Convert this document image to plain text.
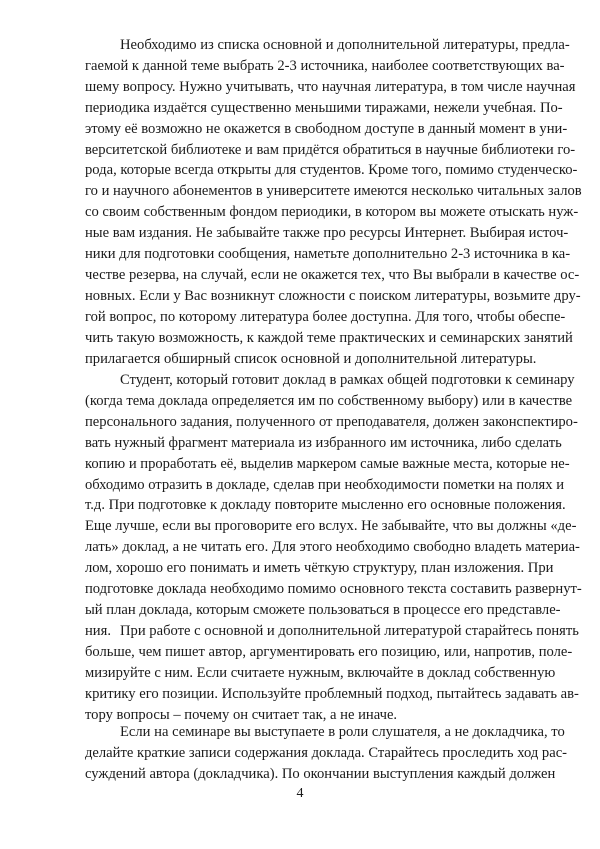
Необходимо из списка основной и дополнительной литературы, предла-
гаемой к данной теме выбрать 2-3 источника, наиболее соответствующих ва-
шему вопросу. Нужно учитывать, что научная литература, в том числе научная
периодика издаётся существенно меньшими тиражами, нежели учебная. По-
этому её возможно не окажется в свободном доступе в данный момент в уни-
верситетской библиотеке и вам придётся обратиться в научные библиотеки го-
рода, которые всегда открыты для студентов. Кроме того, помимо студенческо-
го и научного абонементов в университете имеются несколько читальных залов
со своим собственным фондом периодики, в котором вы можете отыскать нуж-
ные вам издания. Не забывайте также про ресурсы Интернет. Выбирая источ-
ники для подготовки сообщения, наметьте дополнительно 2-3 источника в ка-
честве резерва, на случай, если не окажется тех, что Вы выбрали в качестве ос-
новных. Если у Вас возникнут сложности с поиском литературы, возьмите дру-
гой вопрос, по которому литература более доступна. Для того, чтобы обеспе-
чить такую возможность, к каждой теме практических и семинарских занятий
прилагается обширный список основной и дополнительной литературы.
Студент, который готовит доклад в рамках общей подготовки к семинару
(когда тема доклада определяется им по собственному выбору) или в качестве
персонального задания, полученного от преподавателя, должен законспектиро-
вать нужный фрагмент материала из избранного им источника, либо сделать
копию и проработать её, выделив маркером самые важные места, которые не-
обходимо отразить в докладе, сделав при необходимости пометки на полях и
т.д. При подготовке к докладу повторите мысленно его основные положения.
Еще лучше, если вы проговорите его вслух. Не забывайте, что вы должны «де-
лать» доклад, а не читать его. Для этого необходимо свободно владеть материа-
лом, хорошо его понимать и иметь чёткую структуру, план изложения. При
подготовке доклада необходимо помимо основного текста составить развернут-
ый план доклада, которым сможете пользоваться в процессе его представле-
ния. При работе с основной и дополнительной литературой старайтесь понять
больше, чем пишет автор, аргументировать его позицию, или, напротив, поле-
мизируйте с ним. Если считаете нужным, включайте в доклад собственную
критику его позиции. Используйте проблемный подход, пытайтесь задавать ав-
тору вопросы – почему он считает так, а не иначе.
Если на семинаре вы выступаете в роли слушателя, а не докладчика, то
делайте краткие записи содержания доклада. Старайтесь проследить ход рас-
суждений автора (докладчика). По окончании выступления каждый должен
4
